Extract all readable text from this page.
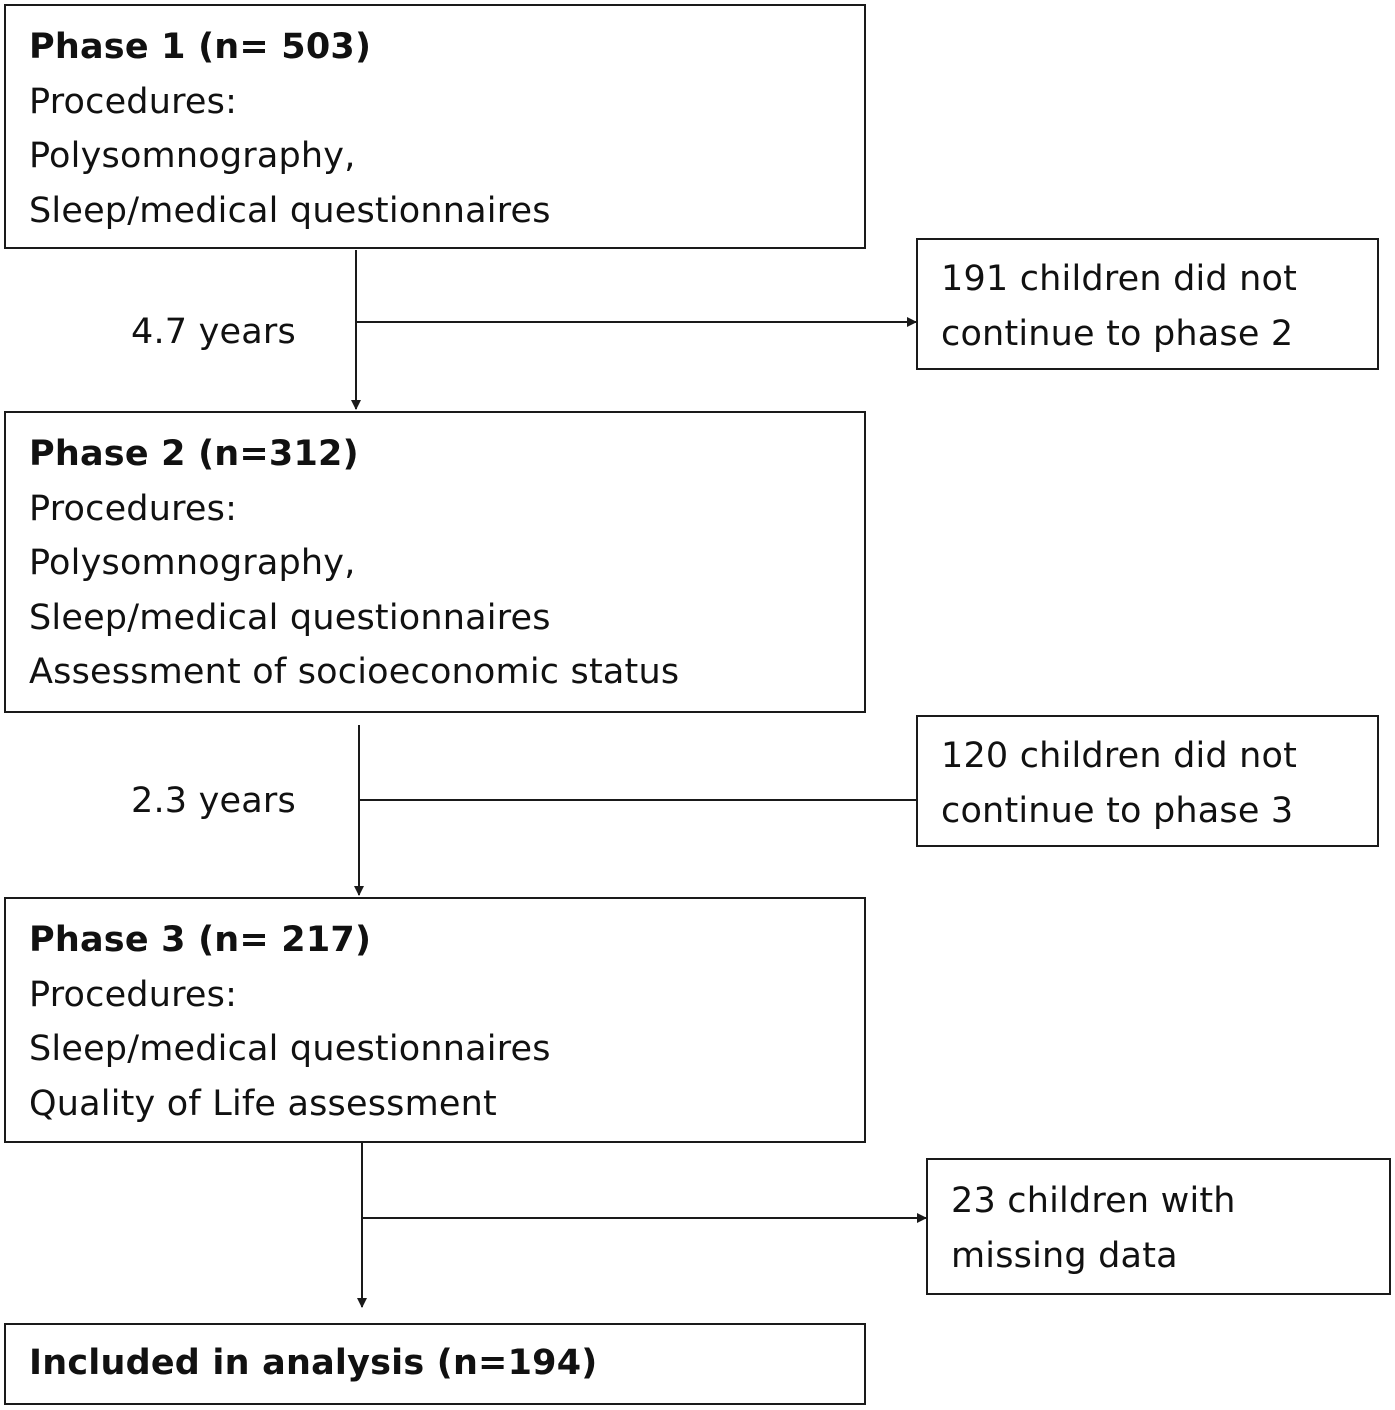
Phase 1 (n= 503)
Procedures:
Polysomnography,
Sleep/medical questionnaires
4.7 years
191 children did not
continue to phase 2
Phase 2 (n=312)
Procedures:
Polysomnography,
Sleep/medical questionnaires
Assessment of socioeconomic status
2.3 years
120 children did not
continue to phase 3
Phase 3 (n= 217)
Procedures:
Sleep/medical questionnaires
Quality of Life assessment
23 children with
missing data
Included in analysis (n=194)
